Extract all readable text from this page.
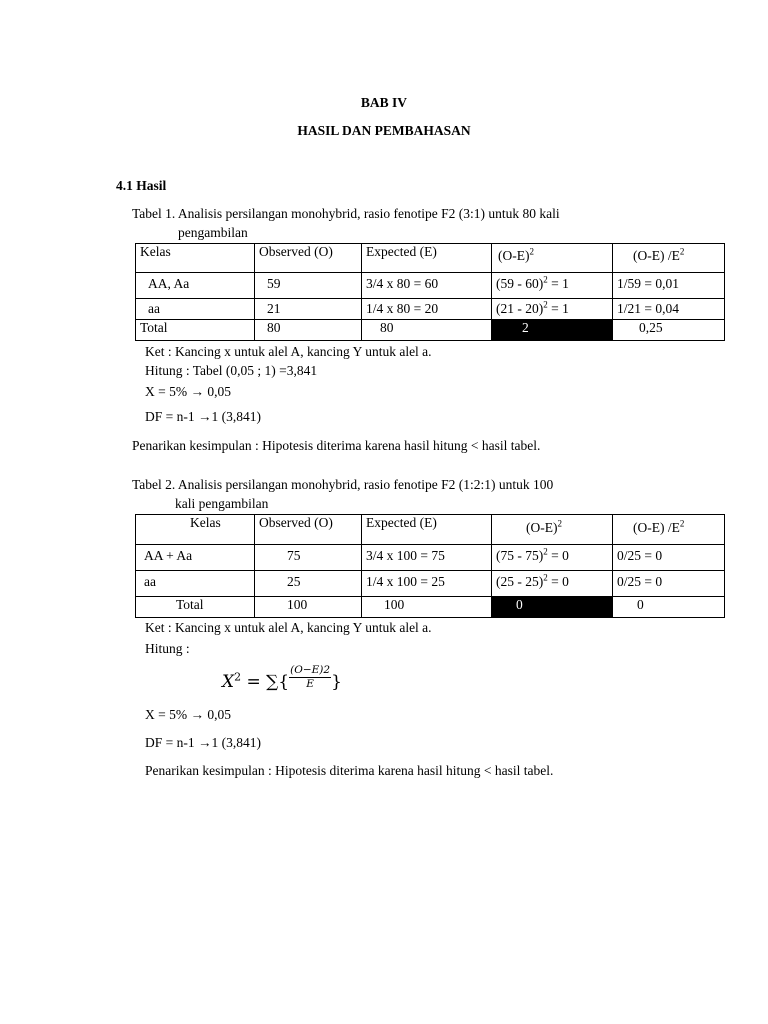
BAB IV
HASIL DAN PEMBAHASAN
4.1 Hasil
Tabel 1. Analisis persilangan monohybrid, rasio fenotipe F2 (3:1) untuk 80 kali
pengambilan
Kelas	Observed (O)	Expected (E)	$(O-E)^2$	(O-E) $/E^2$
AA, Aa	59	3/4 x 80 = 60	(59 - 60)$^2$ = 1	1/59 = 0,01
aa	21	1/4 x 80 = 20	(21 - 20)$^2$ = 1	1/21 = 0,04
Total	80	80	2	0,25
Ket : Kancing x untuk alel A, kancing Y untuk alel a.
Hitung : Tabel (0,05 ; 1) =3,841
X = 5% → 0,05
DF = n-1 →1 (3,841)
Penarikan kesimpulan : Hipotesis diterima karena hasil hitung < hasil tabel.
Tabel 2. Analisis persilangan monohybrid, rasio fenotipe F2 (1:2:1) untuk 100
kali pengambilan
Kelas	Observed (O)	Expected (E)	$(O-E)^2$	(O-E) $/E^2$
AA + Aa	75	3/4 x 100 = 75	(75 - 75)$^2$ = 0	0/25 = 0
aa	25	1/4 x 100 = 25	(25 - 25)$^2$ = 0	0/25 = 0
Total	100	100	0	0
Ket : Kancing x untuk alel A, kancing Y untuk alel a.
Hitung :
$X^2$ = ∑{ $\frac{(O-E)2}{E}$ }
X = 5% → 0,05
DF = n-1 →1 (3,841)
Penarikan kesimpulan : Hipotesis diterima karena hasil hitung < hasil tabel.
